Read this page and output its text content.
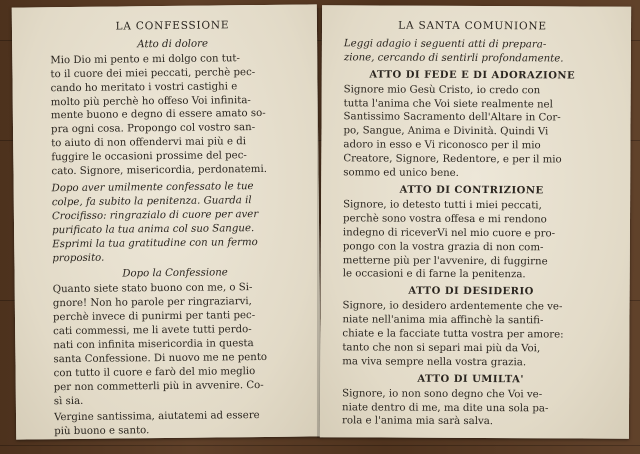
LA CONFESSIONE
Atto di dolore
Mio Dio mi pento e mi dolgo con tut-
to il cuore dei miei peccati, perchè pec-
cando ho meritato i vostri castighi e
molto più perchè ho offeso Voi infinita-
mente buono e degno di essere amato so-
pra ogni cosa. Propongo col vostro san-
to aiuto di non offendervi mai più e di
fuggire le occasioni prossime del pec-
cato. Signore, misericordia, perdonatemi.
Dopo aver umilmente confessato le tue
colpe, fa subito la penitenza. Guarda il
Crocifisso: ringrazialo di cuore per aver
purificato la tua anima col suo Sangue.
Esprimi la tua gratitudine con un fermo
proposito.
Dopo la Confessione
Quanto siete stato buono con me, o Si-
gnore! Non ho parole per ringraziarvi,
perchè invece di punirmi per tanti pec-
cati commessi, me li avete tutti perdo-
nati con infinita misericordia in questa
santa Confessione. Di nuovo me ne pento
con tutto il cuore e farò del mio meglio
per non commetterli più in avvenire. Co-
sì sia.
Vergine santissima, aiutatemi ad essere
più buono e santo.
LA SANTA COMUNIONE
Leggi adagio i seguenti atti di prepara-
zione, cercando di sentirli profondamente.
ATTO DI FEDE E DI ADORAZIONE
Signore mio Gesù Cristo, io credo con
tutta l'anima che Voi siete realmente nel
Santissimo Sacramento dell'Altare in Cor-
po, Sangue, Anima e Divinità. Quindi Vi
adoro in esso e Vi riconosco per il mio
Creatore, Signore, Redentore, e per il mio
sommo ed unico bene.
ATTO DI CONTRIZIONE
Signore, io detesto tutti i miei peccati,
perchè sono vostra offesa e mi rendono
indegno di riceverVi nel mio cuore e pro-
pongo con la vostra grazia di non com-
metterne più per l'avvenire, di fuggirne
le occasioni e di farne la penitenza.
ATTO DI DESIDERIO
Signore, io desidero ardentemente che ve-
niate nell'anima mia affinchè la santifi-
chiate e la facciate tutta vostra per amore:
tanto che non si separi mai più da Voi,
ma viva sempre nella vostra grazia.
ATTO DI UMILTA'
Signore, io non sono degno che Voi ve-
niate dentro di me, ma dite una sola pa-
rola e l'anima mia sarà salva.
